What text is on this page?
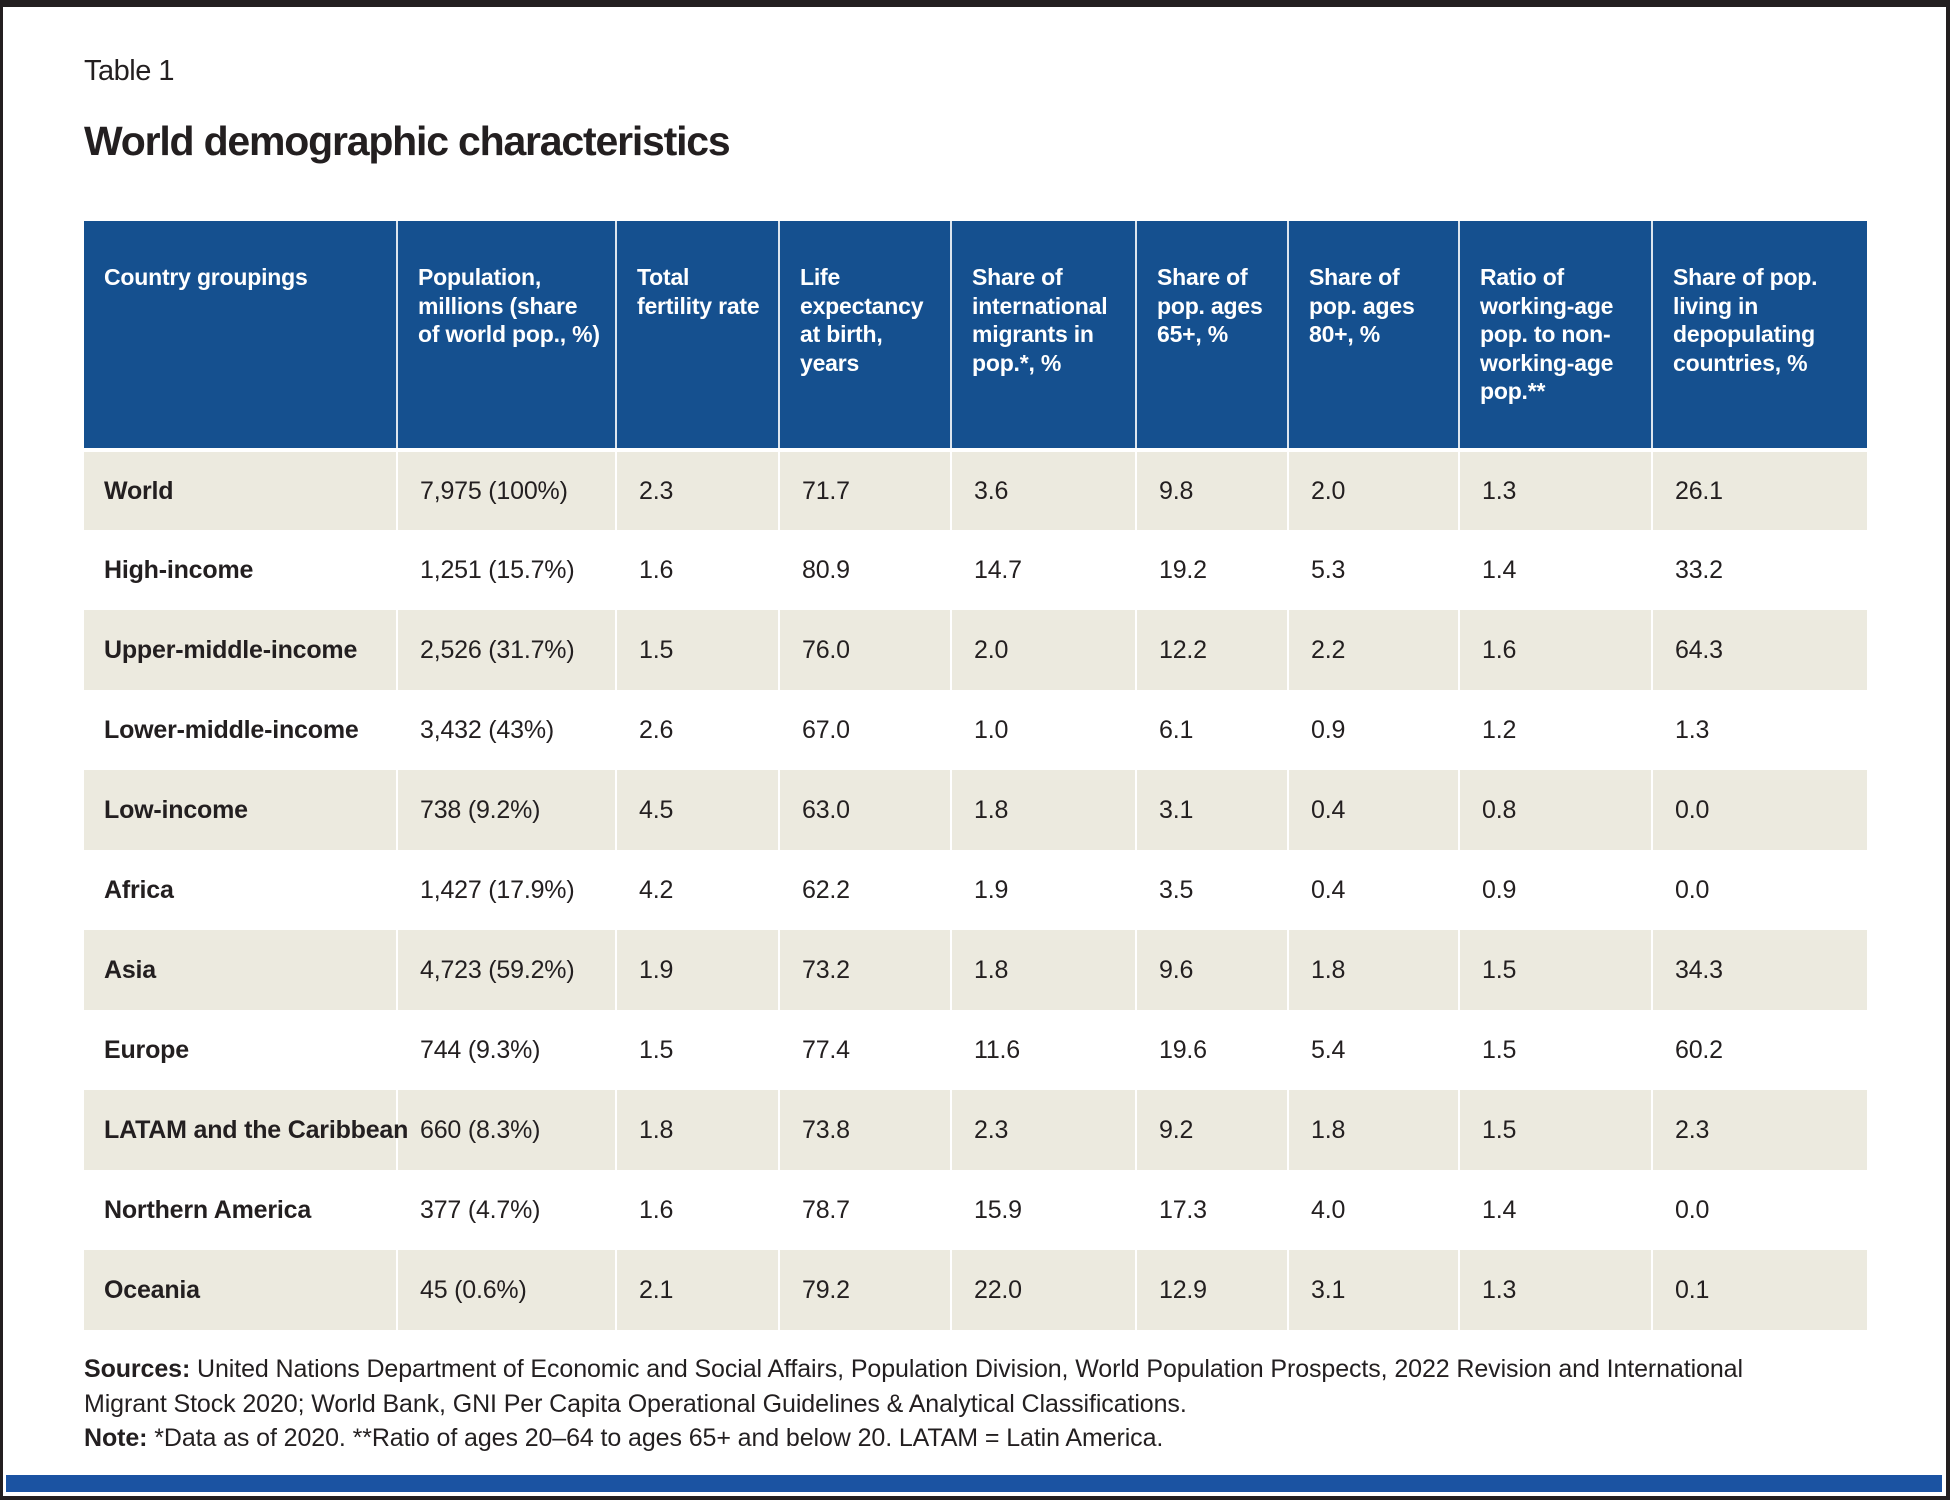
Table 1
World demographic characteristics
Country groupings	Population, millions (share of world pop., %)	Total fertility rate	Life expectancy at birth, years	Share of international migrants in pop.*, %	Share of pop. ages 65+, %	Share of pop. ages 80+, %	Ratio of working-age pop. to non-working-age pop.**	Share of pop. living in depopulating countries, %
World	7,975 (100%)	2.3	71.7	3.6	9.8	2.0	1.3	26.1
High-income	1,251 (15.7%)	1.6	80.9	14.7	19.2	5.3	1.4	33.2
Upper-middle-income	2,526 (31.7%)	1.5	76.0	2.0	12.2	2.2	1.6	64.3
Lower-middle-income	3,432 (43%)	2.6	67.0	1.0	6.1	0.9	1.2	1.3
Low-income	738 (9.2%)	4.5	63.0	1.8	3.1	0.4	0.8	0.0
Africa	1,427 (17.9%)	4.2	62.2	1.9	3.5	0.4	0.9	0.0
Asia	4,723 (59.2%)	1.9	73.2	1.8	9.6	1.8	1.5	34.3
Europe	744 (9.3%)	1.5	77.4	11.6	19.6	5.4	1.5	60.2
LATAM and the Caribbean	660 (8.3%)	1.8	73.8	2.3	9.2	1.8	1.5	2.3
Northern America	377 (4.7%)	1.6	78.7	15.9	17.3	4.0	1.4	0.0
Oceania	45 (0.6%)	2.1	79.2	22.0	12.9	3.1	1.3	0.1
Sources: United Nations Department of Economic and Social Affairs, Population Division, World Population Prospects, 2022 Revision and International Migrant Stock 2020; World Bank, GNI Per Capita Operational Guidelines & Analytical Classifications.
Note: *Data as of 2020. **Ratio of ages 20–64 to ages 65+ and below 20. LATAM = Latin America.
